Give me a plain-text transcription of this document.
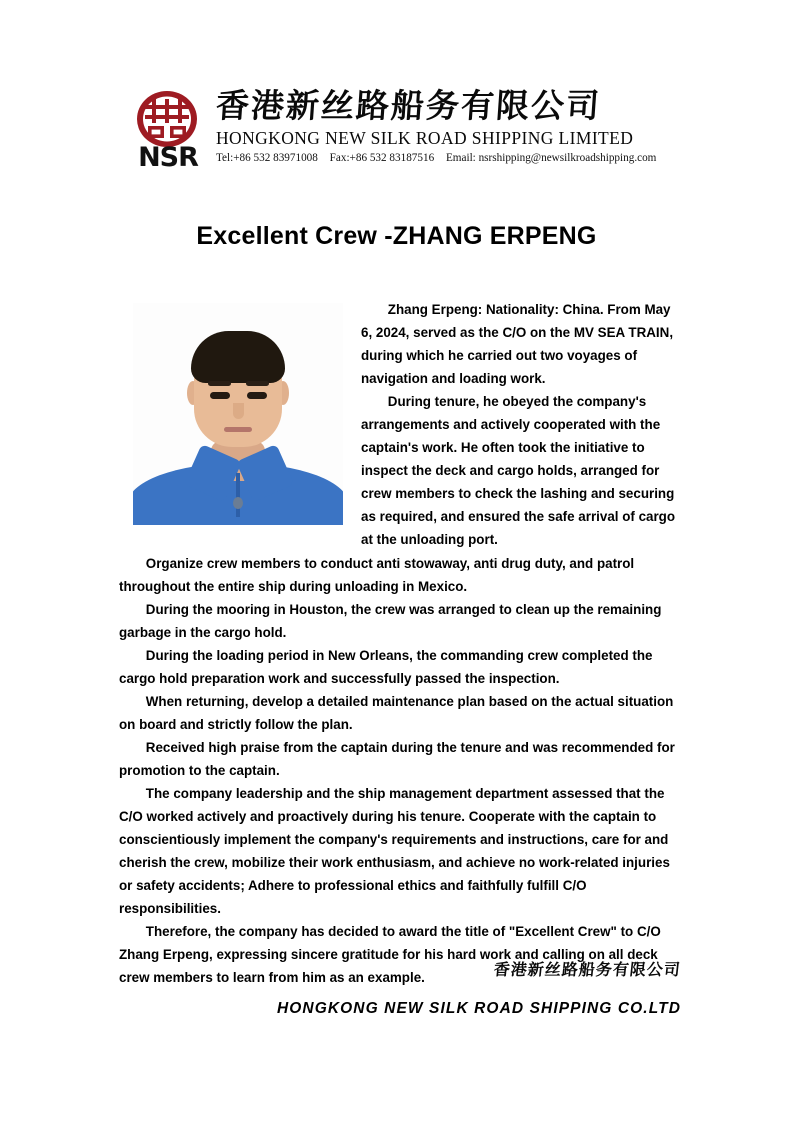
NSR
香港新丝路船务有限公司
HONGKONG NEW SILK ROAD SHIPPING LIMITED
Tel:+86 532 83971008 Fax:+86 532 83187516 Email: nsrshipping@newsilkroadshipping.com
Excellent Crew -ZHANG ERPENG

Zhang Erpeng: Nationality: China. From May 6, 2024, served as the C/O on the MV SEA TRAIN, during which he carried out two voyages of navigation and loading work.

During tenure, he obeyed the company's arrangements and actively cooperated with the captain's work. He often took the initiative to inspect the deck and cargo holds, arranged for crew members to check the lashing and securing as required, and ensured the safe arrival of cargo at the unloading port.

Organize crew members to conduct anti stowaway, anti drug duty, and patrol throughout the entire ship during unloading in Mexico.

During the mooring in Houston, the crew was arranged to clean up the remaining garbage in the cargo hold.

During the loading period in New Orleans, the commanding crew completed the cargo hold preparation work and successfully passed the inspection.

When returning, develop a detailed maintenance plan based on the actual situation on board and strictly follow the plan.

Received high praise from the captain during the tenure and was recommended for promotion to the captain.

The company leadership and the ship management department assessed that the C/O worked actively and proactively during his tenure. Cooperate with the captain to conscientiously implement the company's requirements and instructions, care for and cherish the crew, mobilize their work enthusiasm, and achieve no work-related injuries or safety accidents; Adhere to professional ethics and faithfully fulfill C/O responsibilities.

Therefore, the company has decided to award the title of "Excellent Crew" to C/O Zhang Erpeng, expressing sincere gratitude for his hard work and calling on all deck crew members to learn from him as an example.	香港新丝路船务有限公司
HONGKONG NEW SILK ROAD SHIPPING CO.LTD
